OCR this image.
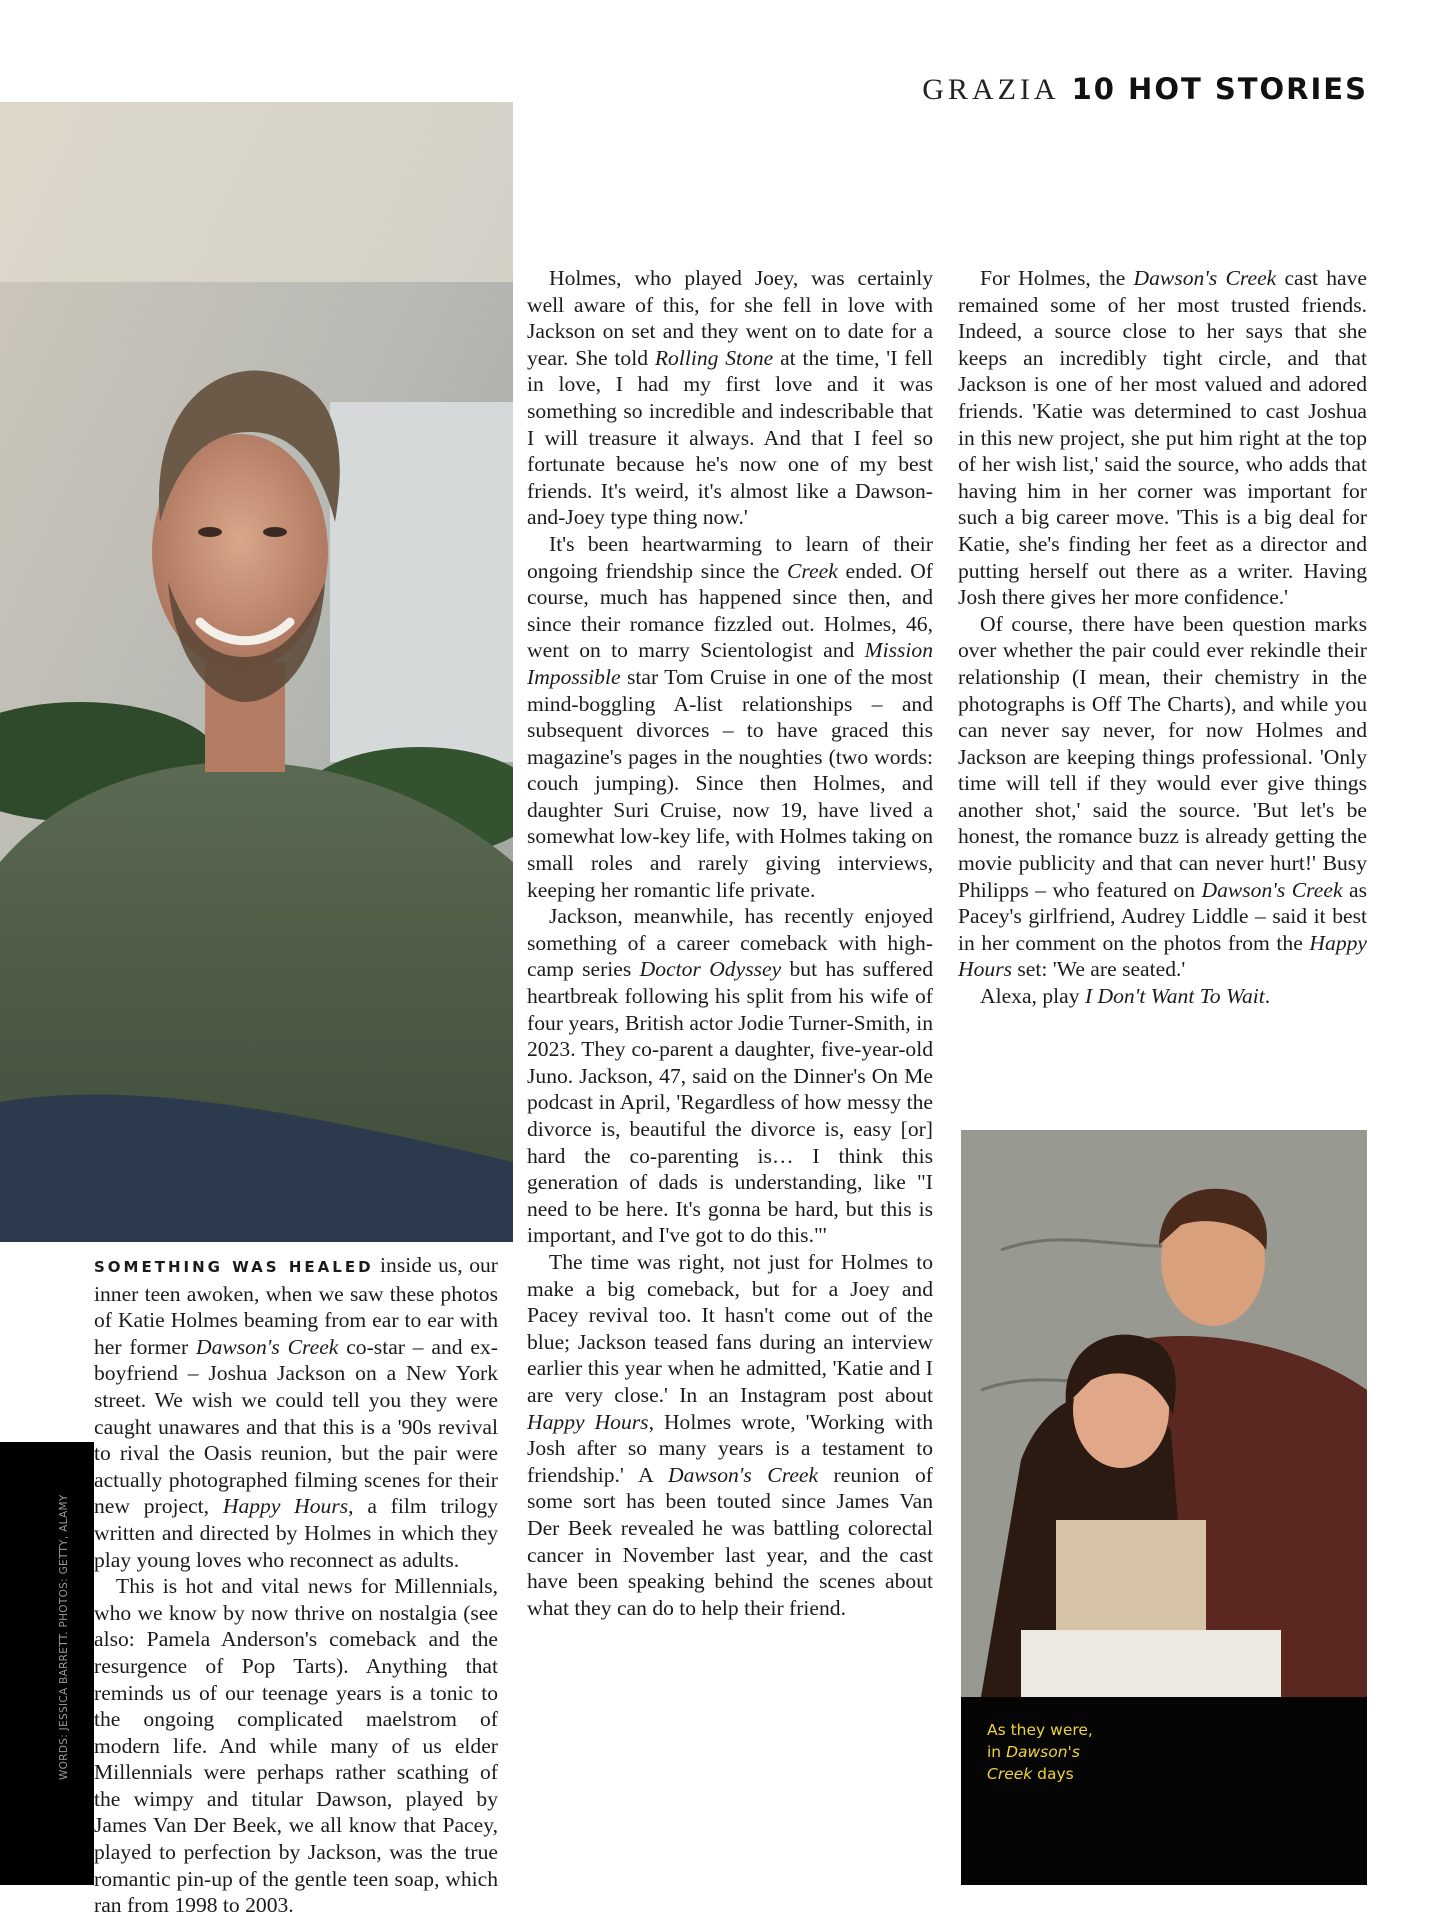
GRAZIA 10 HOT STORIES
As they were,
in Dawson's
Creek days
WORDS: JESSICA BARRETT. PHOTOS: GETTY, ALAMY

SOMETHING WAS HEALED inside us, our inner teen awoken, when we saw these photos of Katie Holmes beaming from ear to ear with her former Dawson's Creek co-star – and ex-boyfriend – Joshua Jackson on a New York street. We wish we could tell you they were caught unawares and that this is a '90s revival to rival the Oasis reunion, but the pair were actually photographed filming scenes for their new project, Happy Hours, a film trilogy written and directed by Holmes in which they play young loves who reconnect as adults.

This is hot and vital news for Millennials, who we know by now thrive on nostalgia (see also: Pamela Anderson's comeback and the resurgence of Pop Tarts). Anything that reminds us of our teenage years is a tonic to the ongoing complicated maelstrom of modern life. And while many of us elder Millennials were perhaps rather scathing of the wimpy and titular Dawson, played by James Van Der Beek, we all know that Pacey, played to perfection by Jackson, was the true romantic pin-up of the gentle teen soap, which ran from 1998 to 2003.

Holmes, who played Joey, was certainly well aware of this, for she fell in love with Jackson on set and they went on to date for a year. She told Rolling Stone at the time, 'I fell in love, I had my first love and it was something so incredible and indescribable that I will treasure it always. And that I feel so fortunate because he's now one of my best friends. It's weird, it's almost like a Dawson-and-Joey type thing now.'

It's been heartwarming to learn of their ongoing friendship since the Creek ended. Of course, much has happened since then, and since their romance fizzled out. Holmes, 46, went on to marry Scientologist and Mission Impossible star Tom Cruise in one of the most mind-boggling A-list relationships – and subsequent divorces – to have graced this magazine's pages in the noughties (two words: couch jumping). Since then Holmes, and daughter Suri Cruise, now 19, have lived a somewhat low-key life, with Holmes taking on small roles and rarely giving interviews, keeping her romantic life private.

Jackson, meanwhile, has recently enjoyed something of a career comeback with high-camp series Doctor Odyssey but has suffered heartbreak following his split from his wife of four years, British actor Jodie Turner-Smith, in 2023. They co-parent a daughter, five-year-old Juno. Jackson, 47, said on the Dinner's On Me podcast in April, 'Regardless of how messy the divorce is, beautiful the divorce is, easy [or] hard the co-parenting is… I think this generation of dads is understanding, like "I need to be here. It's gonna be hard, but this is important, and I've got to do this."'

The time was right, not just for Holmes to make a big comeback, but for a Joey and Pacey revival too. It hasn't come out of the blue; Jackson teased fans during an interview earlier this year when he admitted, 'Katie and I are very close.' In an Instagram post about Happy Hours, Holmes wrote, 'Working with Josh after so many years is a testament to friendship.' A Dawson's Creek reunion of some sort has been touted since James Van Der Beek revealed he was battling colorectal cancer in November last year, and the cast have been speaking behind the scenes about what they can do to help their friend.

For Holmes, the Dawson's Creek cast have remained some of her most trusted friends. Indeed, a source close to her says that she keeps an incredibly tight circle, and that Jackson is one of her most valued and adored friends. 'Katie was determined to cast Joshua in this new project, she put him right at the top of her wish list,' said the source, who adds that having him in her corner was important for such a big career move. 'This is a big deal for Katie, she's finding her feet as a director and putting herself out there as a writer. Having Josh there gives her more confidence.'

Of course, there have been question marks over whether the pair could ever rekindle their relationship (I mean, their chemistry in the photographs is Off The Charts), and while you can never say never, for now Holmes and Jackson are keeping things professional. 'Only time will tell if they would ever give things another shot,' said the source. 'But let's be honest, the romance buzz is already getting the movie publicity and that can never hurt!' Busy Philipps – who featured on Dawson's Creek as Pacey's girlfriend, Audrey Liddle – said it best in her comment on the photos from the Happy Hours set: 'We are seated.'

Alexa, play I Don't Want To Wait.
